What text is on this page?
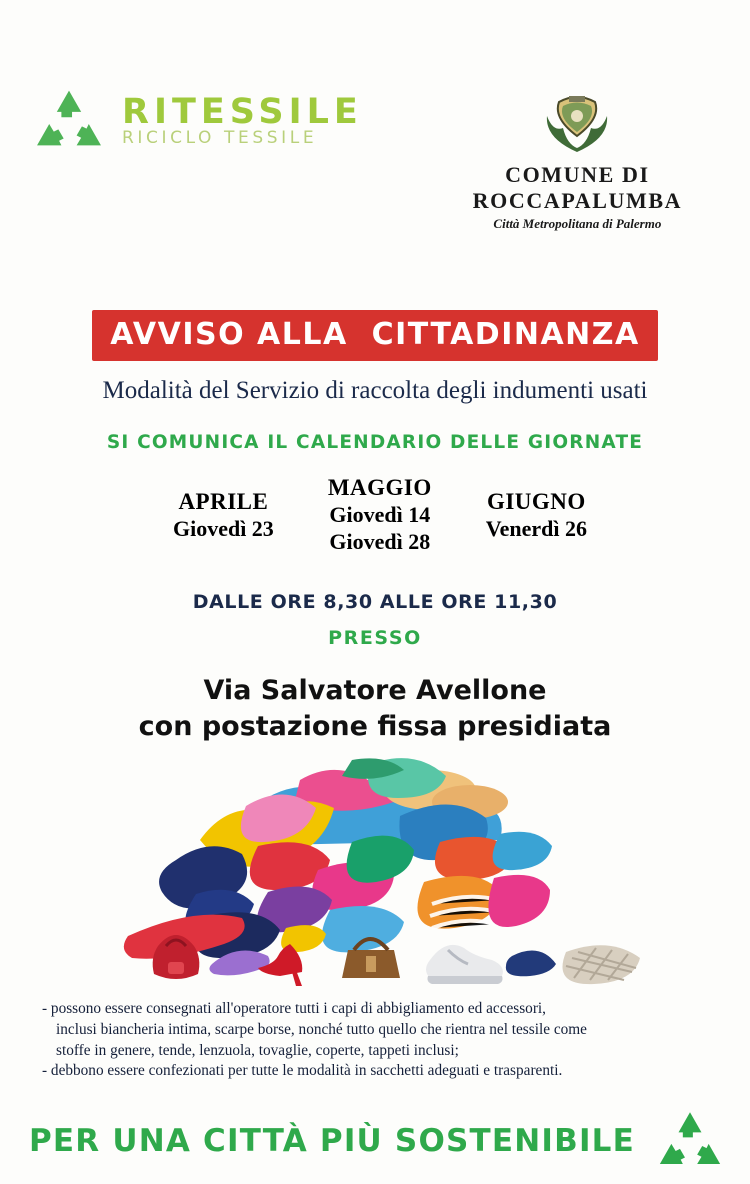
RITESSILE RICICLO TESSILE
COMUNE DI ROCCAPALUMBA
Città Metropolitana di Palermo
AVVISO ALLA  CITTADINANZA
Modalità del Servizio di raccolta degli indumenti usati
SI COMUNICA IL CALENDARIO DELLE GIORNATE
APRILE
Giovedì 23
MAGGIO
Giovedì 14
Giovedì 28
GIUGNO
Venerdì 26
DALLE ORE 8,30 ALLE ORE 11,30
PRESSO
Via Salvatore Avellone
con postazione fissa presidiata

- possono essere consegnati all'operatore tutti i capi di abbigliamento ed accessori,

inclusi biancheria intima, scarpe borse, nonché tutto quello che rientra nel tessile come

stoffe in genere, tende, lenzuola, tovaglie, coperte, tappeti inclusi;

- debbono essere confezionati per tutte le modalità in sacchetti adeguati e trasparenti.

PER UNA CITTÀ PIÙ SOSTENIBILE
